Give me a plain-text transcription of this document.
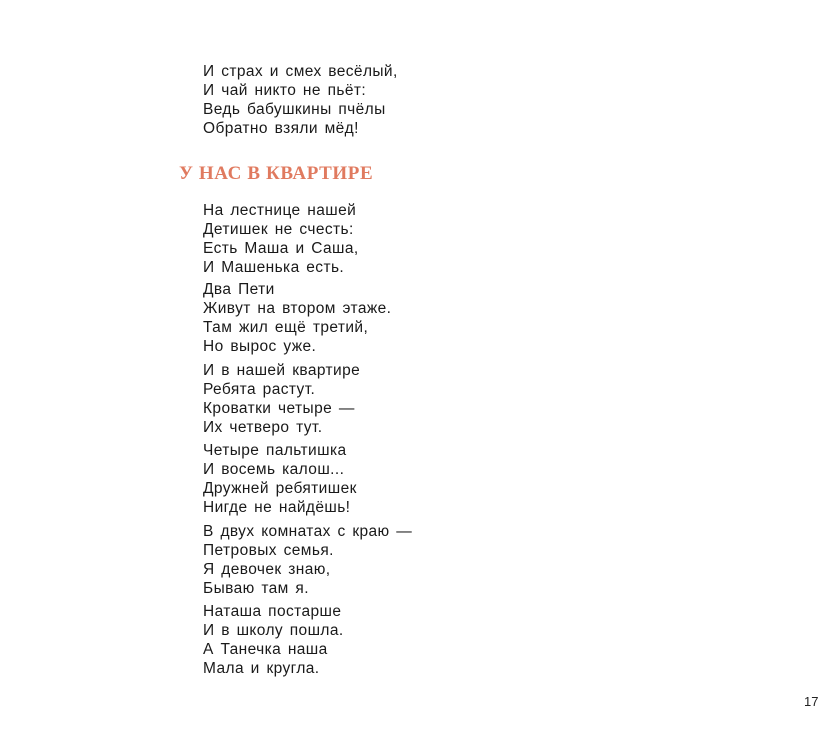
И страх и смех весёлый,
И чай никто не пьёт:
Ведь бабушкины пчёлы
Обратно взяли мёд!
У НАС В КВАРТИРЕ
На лестнице нашей
Детишек не счесть:
Есть Маша и Саша,
И Машенька есть.
Два Пети
Живут на втором этаже.
Там жил ещё третий,
Но вырос уже.
И в нашей квартире
Ребята растут.
Кроватки четыре —
Их четверо тут.
Четыре пальтишка
И восемь калош...
Дружней ребятишек
Нигде не найдёшь!
В двух комнатах с краю —
Петровых семья.
Я девочек знаю,
Бываю там я.
Наташа постарше
И в школу пошла.
А Танечка наша
Мала и кругла.
17
